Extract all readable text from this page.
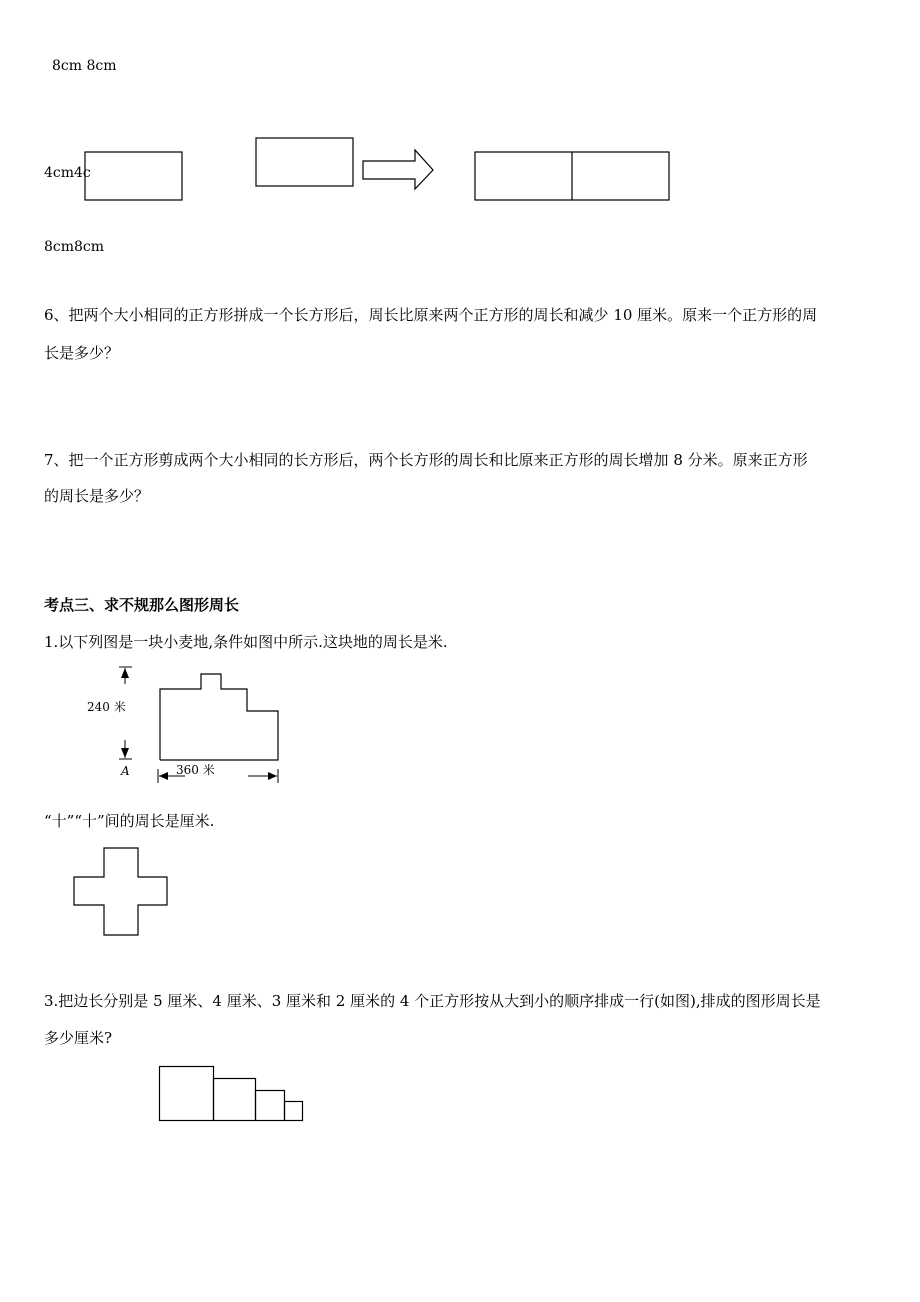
8cm 8cm
4cm4c
8cm8cm
6、把两个大小相同的正方形拼成一个长方形后，周长比原来两个正方形的周长和减少 10 厘米。原来一个正方形的周
长是多少？
7、把一个正方形剪成两个大小相同的长方形后，两个长方形的周长和比原来正方形的周长增加 8 分米。原来正方形
的周长是多少？
考点三、求不规那么图形周长
1.以下列图是一块小麦地,条件如图中所示.这块地的周长是米.
240 米
A	360 米
“十”“十”间的周长是厘米.
3.把边长分别是 5 厘米、4 厘米、3 厘米和 2 厘米的 4 个正方形按从大到小的顺序排成一行(如图),排成的图形周长是
多少厘米?
